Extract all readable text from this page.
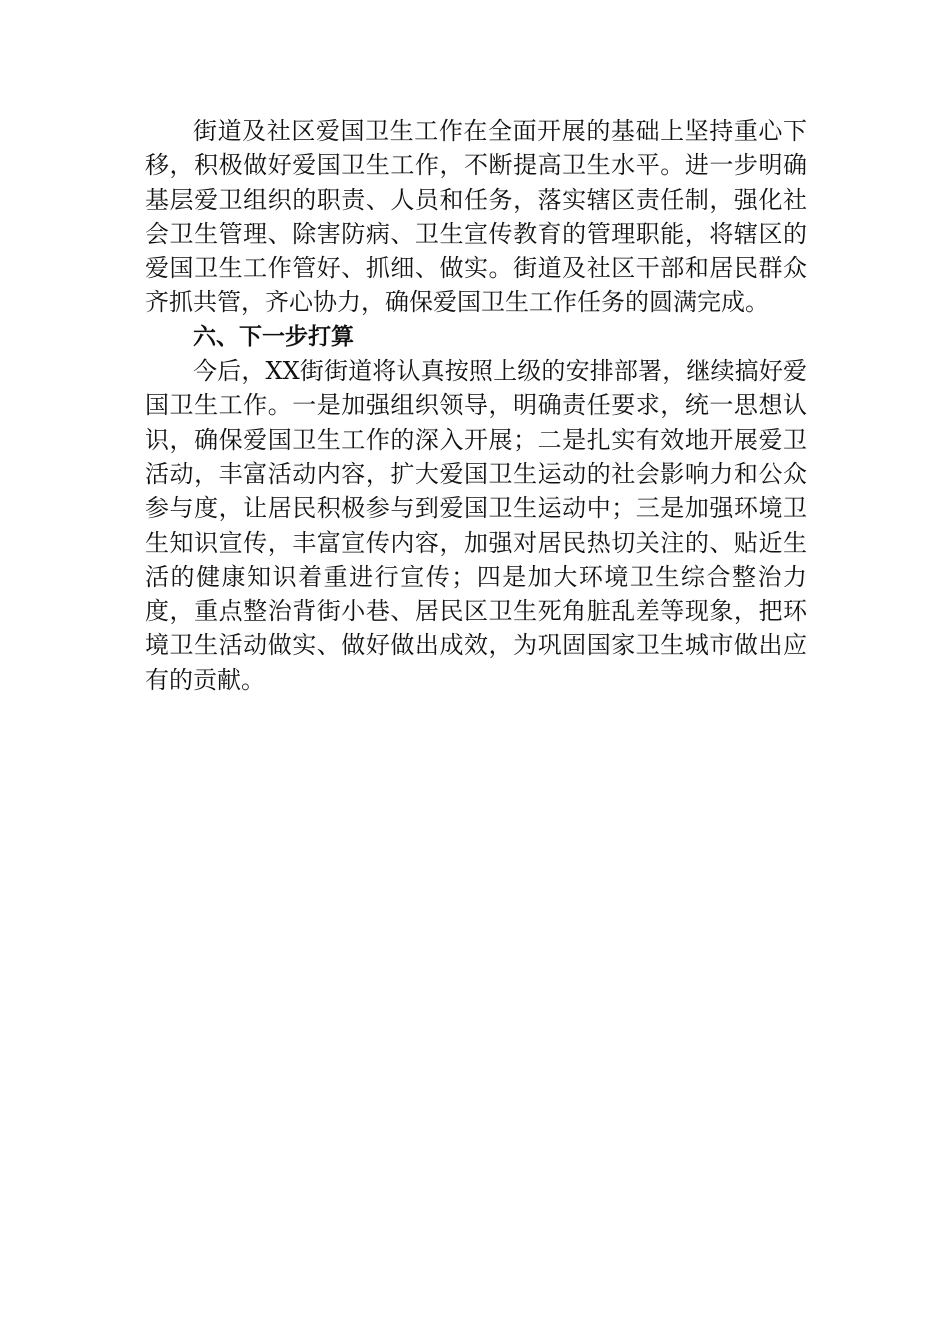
街道及社区爱国卫生工作在全面开展的基础上坚持重心下移，积极做好爱国卫生工作，不断提高卫生水平。进一步明确基层爱卫组织的职责、人员和任务，落实辖区责任制，强化社会卫生管理、除害防病、卫生宣传教育的管理职能，将辖区的爱国卫生工作管好、抓细、做实。街道及社区干部和居民群众齐抓共管，齐心协力，确保爱国卫生工作任务的圆满完成。

六、下一步打算

今后，XX街街道将认真按照上级的安排部署，继续搞好爱国卫生工作。一是加强组织领导，明确责任要求，统一思想认识，确保爱国卫生工作的深入开展；二是扎实有效地开展爱卫活动，丰富活动内容，扩大爱国卫生运动的社会影响力和公众参与度，让居民积极参与到爱国卫生运动中；三是加强环境卫生知识宣传，丰富宣传内容，加强对居民热切关注的、贴近生活的健康知识着重进行宣传；四是加大环境卫生综合整治力度，重点整治背街小巷、居民区卫生死角脏乱差等现象，把环境卫生活动做实、做好做出成效，为巩固国家卫生城市做出应有的贡献。
